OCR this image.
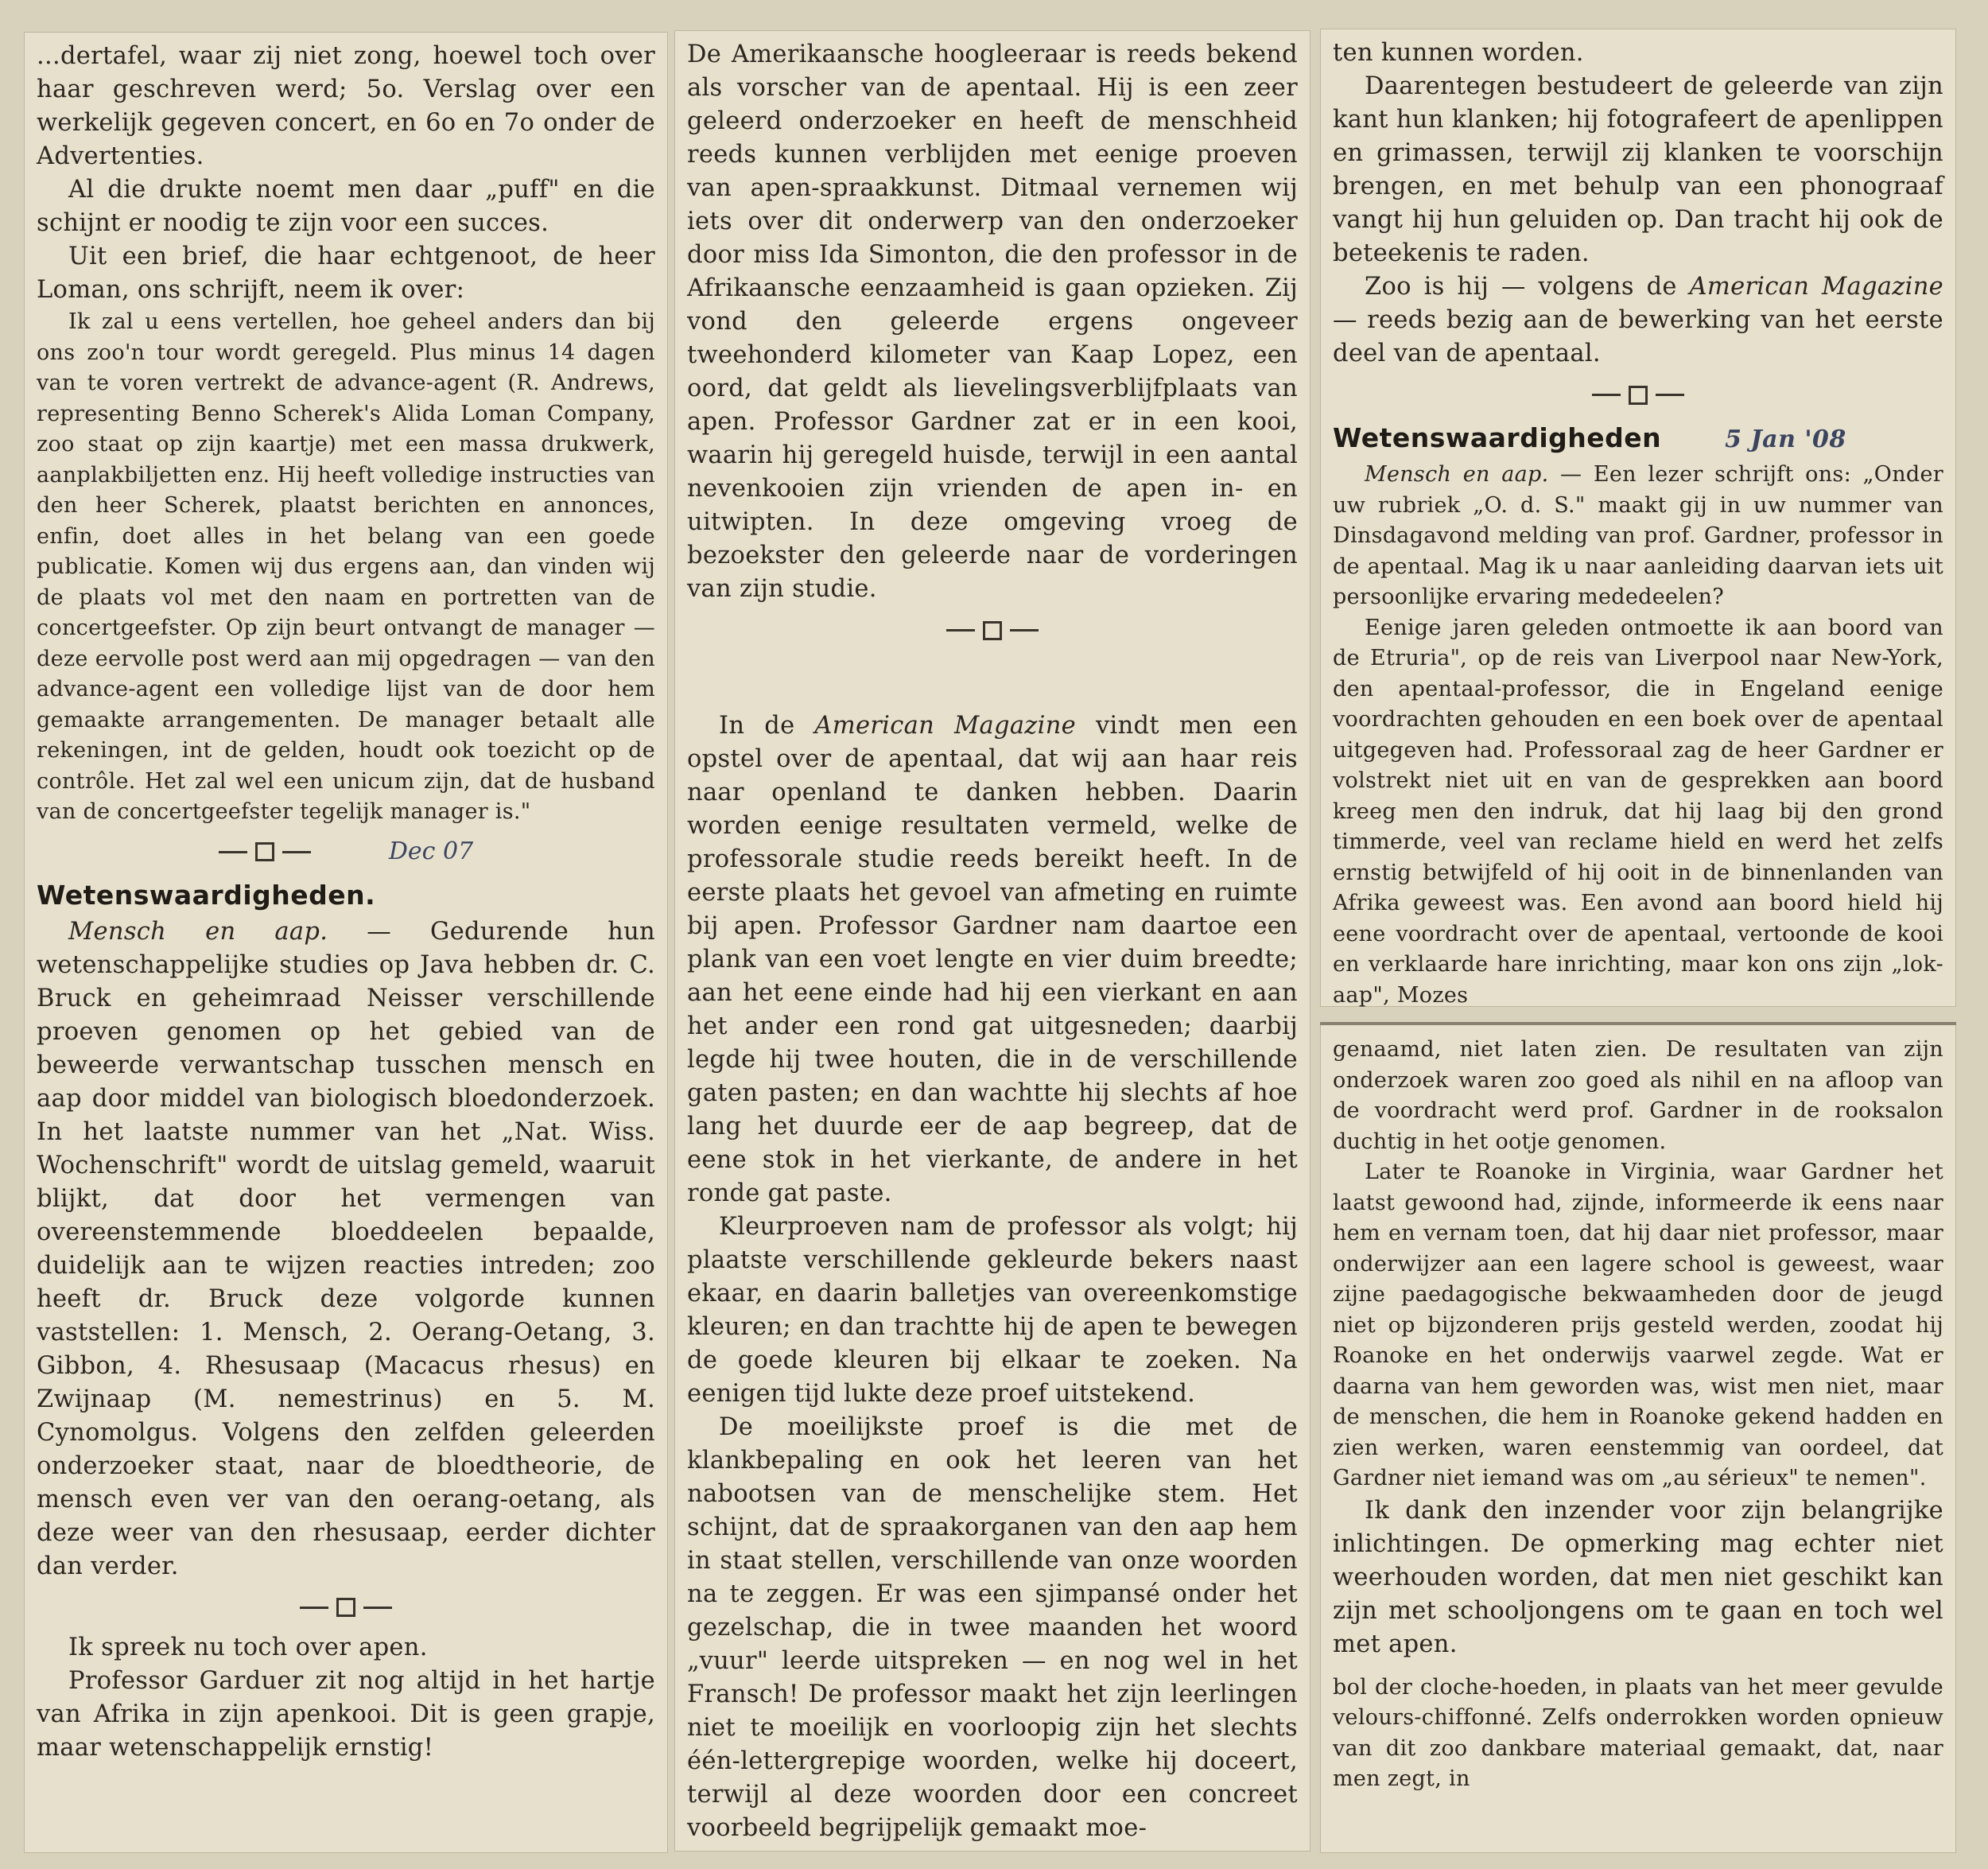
...dertafel, waar zij niet zong, hoewel toch over haar geschreven werd; 5o. Verslag over een werkelijk gegeven concert, en 6o en 7o onder de Advertenties.

Al die drukte noemt men daar „puff" en die schijnt er noodig te zijn voor een succes.

Uit een brief, die haar echtgenoot, de heer Loman, ons schrijft, neem ik over:

Ik zal u eens vertellen, hoe geheel anders dan bij ons zoo'n tour wordt geregeld. Plus minus 14 dagen van te voren vertrekt de advance-agent (R. Andrews, representing Benno Scherek's Alida Loman Company, zoo staat op zijn kaartje) met een massa drukwerk, aanplakbiljetten enz. Hij heeft volledige instructies van den heer Scherek, plaatst berichten en annonces, enfin, doet alles in het belang van een goede publicatie. Komen wij dus ergens aan, dan vinden wij de plaats vol met den naam en portretten van de concertgeefster. Op zijn beurt ontvangt de manager — deze eervolle post werd aan mij opgedragen — van den advance-agent een volledige lijst van de door hem gemaakte arrangementen. De manager betaalt alle rekeningen, int de gelden, houdt ook toezicht op de contrôle. Het zal wel een unicum zijn, dat de husband van de concertgeefster tegelijk manager is."

Dec 07
Wetenswaardigheden.

Mensch en aap. — Gedurende hun wetenschappelijke studies op Java hebben dr. C. Bruck en geheimraad Neisser verschillende proeven genomen op het gebied van de beweerde verwantschap tusschen mensch en aap door middel van biologisch bloedonderzoek. In het laatste nummer van het „Nat. Wiss. Wochenschrift" wordt de uitslag gemeld, waaruit blijkt, dat door het vermengen van overeenstemmende bloeddeelen bepaalde, duidelijk aan te wijzen reacties intreden; zoo heeft dr. Bruck deze volgorde kunnen vaststellen: 1. Mensch, 2. Oerang-Oetang, 3. Gibbon, 4. Rhesusaap (Macacus rhesus) en Zwijnaap (M. nemestrinus) en 5. M. Cynomolgus. Volgens den zelfden geleerden onderzoeker staat, naar de bloedtheorie, de mensch even ver van den oerang-oetang, als deze weer van den rhesusaap, eerder dichter dan verder.

Ik spreek nu toch over apen.

Professor Garduer zit nog altijd in het hartje van Afrika in zijn apenkooi. Dit is geen grapje, maar wetenschappelijk ernstig!

De Amerikaansche hoogleeraar is reeds bekend als vorscher van de apentaal. Hij is een zeer geleerd onderzoeker en heeft de menschheid reeds kunnen verblijden met eenige proeven van apen-spraakkunst. Ditmaal vernemen wij iets over dit onderwerp van den onderzoeker door miss Ida Simonton, die den professor in de Afrikaansche eenzaamheid is gaan opzieken. Zij vond den geleerde ergens ongeveer tweehonderd kilometer van Kaap Lopez, een oord, dat geldt als lievelingsverblijfplaats van apen. Professor Gardner zat er in een kooi, waarin hij geregeld huisde, terwijl in een aantal nevenkooien zijn vrienden de apen in- en uitwipten. In deze omgeving vroeg de bezoekster den geleerde naar de vorderingen van zijn studie.

In de American Magazine vindt men een opstel over de apentaal, dat wij aan haar reis naar openland te danken hebben. Daarin worden eenige resultaten vermeld, welke de professorale studie reeds bereikt heeft. In de eerste plaats het gevoel van afmeting en ruimte bij apen. Professor Gardner nam daartoe een plank van een voet lengte en vier duim breedte; aan het eene einde had hij een vierkant en aan het ander een rond gat uitgesneden; daarbij legde hij twee houten, die in de verschillende gaten pasten; en dan wachtte hij slechts af hoe lang het duurde eer de aap begreep, dat de eene stok in het vierkante, de andere in het ronde gat paste.

Kleurproeven nam de professor als volgt; hij plaatste verschillende gekleurde bekers naast ekaar, en daarin balletjes van overeenkomstige kleuren; en dan trachtte hij de apen te bewegen de goede kleuren bij elkaar te zoeken. Na eenigen tijd lukte deze proef uitstekend.

De moeilijkste proef is die met de klankbepaling en ook het leeren van het nabootsen van de menschelijke stem. Het schijnt, dat de spraakorganen van den aap hem in staat stellen, verschillende van onze woorden na te zeggen. Er was een sjimpansé onder het gezelschap, die in twee maanden het woord „vuur" leerde uitspreken — en nog wel in het Fransch! De professor maakt het zijn leerlingen niet te moeilijk en voorloopig zijn het slechts één-lettergrepige woorden, welke hij doceert, terwijl al deze woorden door een concreet voorbeeld begrijpelijk gemaakt moe-

ten kunnen worden.

Daarentegen bestudeert de geleerde van zijn kant hun klanken; hij fotografeert de apenlippen en grimassen, terwijl zij klanken te voorschijn brengen, en met behulp van een phonograaf vangt hij hun geluiden op. Dan tracht hij ook de beteekenis te raden.

Zoo is hij — volgens de American Magazine — reeds bezig aan de bewerking van het eerste deel van de apentaal.

Wetenswaardigheden	5 Jan '08

Mensch en aap. — Een lezer schrijft ons: „Onder uw rubriek „O. d. S." maakt gij in uw nummer van Dinsdagavond melding van prof. Gardner, professor in de apentaal. Mag ik u naar aanleiding daarvan iets uit persoonlijke ervaring mededeelen?

Eenige jaren geleden ontmoette ik aan boord van de Etruria", op de reis van Liverpool naar New-York, den apentaal-professor, die in Engeland eenige voordrachten gehouden en een boek over de apentaal uitgegeven had. Professoraal zag de heer Gardner er volstrekt niet uit en van de gesprekken aan boord kreeg men den indruk, dat hij laag bij den grond timmerde, veel van reclame hield en werd het zelfs ernstig betwijfeld of hij ooit in de binnenlanden van Afrika geweest was. Een avond aan boord hield hij eene voordracht over de apentaal, vertoonde de kooi en verklaarde hare inrichting, maar kon ons zijn „lok-aap", Mozes

genaamd, niet laten zien. De resultaten van zijn onderzoek waren zoo goed als nihil en na afloop van de voordracht werd prof. Gardner in de rooksalon duchtig in het ootje genomen.

Later te Roanoke in Virginia, waar Gardner het laatst gewoond had, zijnde, informeerde ik eens naar hem en vernam toen, dat hij daar niet professor, maar onderwijzer aan een lagere school is geweest, waar zijne paedagogische bekwaamheden door de jeugd niet op bijzonderen prijs gesteld werden, zoodat hij Roanoke en het onderwijs vaarwel zegde. Wat er daarna van hem geworden was, wist men niet, maar de menschen, die hem in Roanoke gekend hadden en zien werken, waren eenstemmig van oordeel, dat Gardner niet iemand was om „au sérieux" te nemen".

Ik dank den inzender voor zijn belangrijke inlichtingen. De opmerking mag echter niet weerhouden worden, dat men niet geschikt kan zijn met schooljongens om te gaan en toch wel met apen.

bol der cloche-hoeden, in plaats van het meer gevulde velours-chiffonné. Zelfs onderrokken worden opnieuw van dit zoo dankbare materiaal gemaakt, dat, naar men zegt, in
